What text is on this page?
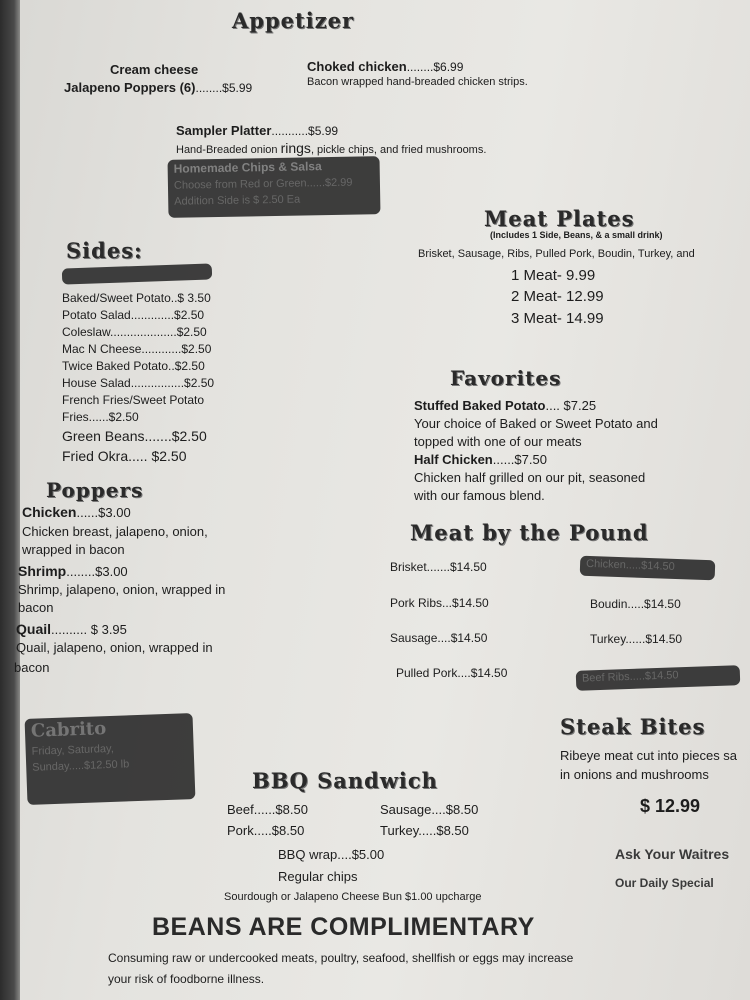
Appetizer
Cream cheese
Jalapeno Poppers (6)........$5.99
Choked chicken........$6.99
Bacon wrapped hand-breaded chicken strips.
Sampler Platter...........$5.99
Hand-Breaded onion rings, pickle chips, and fried mushrooms.
Homemade Chips & Salsa
Choose from Red or Green......$2.99
Addition Side is $ 2.50 Ea
Meat Plates
(Includes 1 Side, Beans, & a small drink)
Brisket, Sausage, Ribs, Pulled Pork, Boudin, Turkey, and
1 Meat- 9.99
2 Meat- 12.99
3 Meat- 14.99
Sides:
Baked/Sweet Potato..$ 3.50
Potato Salad.............$2.50
Coleslaw....................$2.50
Mac N Cheese............$2.50
Twice Baked Potato..$2.50
House Salad................$2.50
French Fries/Sweet Potato
Fries......$2.50
Green Beans.......$2.50
Fried Okra..... $2.50
Favorites
Stuffed Baked Potato.... $7.25
Your choice of Baked or Sweet Potato and
topped with one of our meats
Half Chicken......$7.50
Chicken half grilled on our pit, seasoned
with our famous blend.
Poppers
Chicken......$3.00
Chicken breast, jalapeno, onion,
wrapped in bacon
Shrimp........$3.00
Shrimp, jalapeno, onion, wrapped in
bacon
Quail.......... $ 3.95
Quail, jalapeno, onion, wrapped in
bacon
Meat by the Pound
Brisket.......$14.50
Pork Ribs...$14.50
Sausage....$14.50
Pulled Pork....$14.50
Boudin.....$14.50
Turkey......$14.50
Chicken.....$14.50
Beef Ribs.....$14.50
Cabrito
Friday, Saturday,
Sunday.....$12.50 lb
Steak Bites
Ribeye meat cut into pieces sa
in onions and mushrooms
$ 12.99
Ask Your Waitres
Our Daily Special
BBQ Sandwich
Beef......$8.50
Pork.....$8.50
Sausage....$8.50
Turkey.....$8.50
BBQ wrap....$5.00
Regular chips
Sourdough or Jalapeno Cheese Bun $1.00 upcharge
BEANS ARE COMPLIMENTARY
Consuming raw or undercooked meats, poultry, seafood, shellfish or eggs may increase
your risk of foodborne illness.
